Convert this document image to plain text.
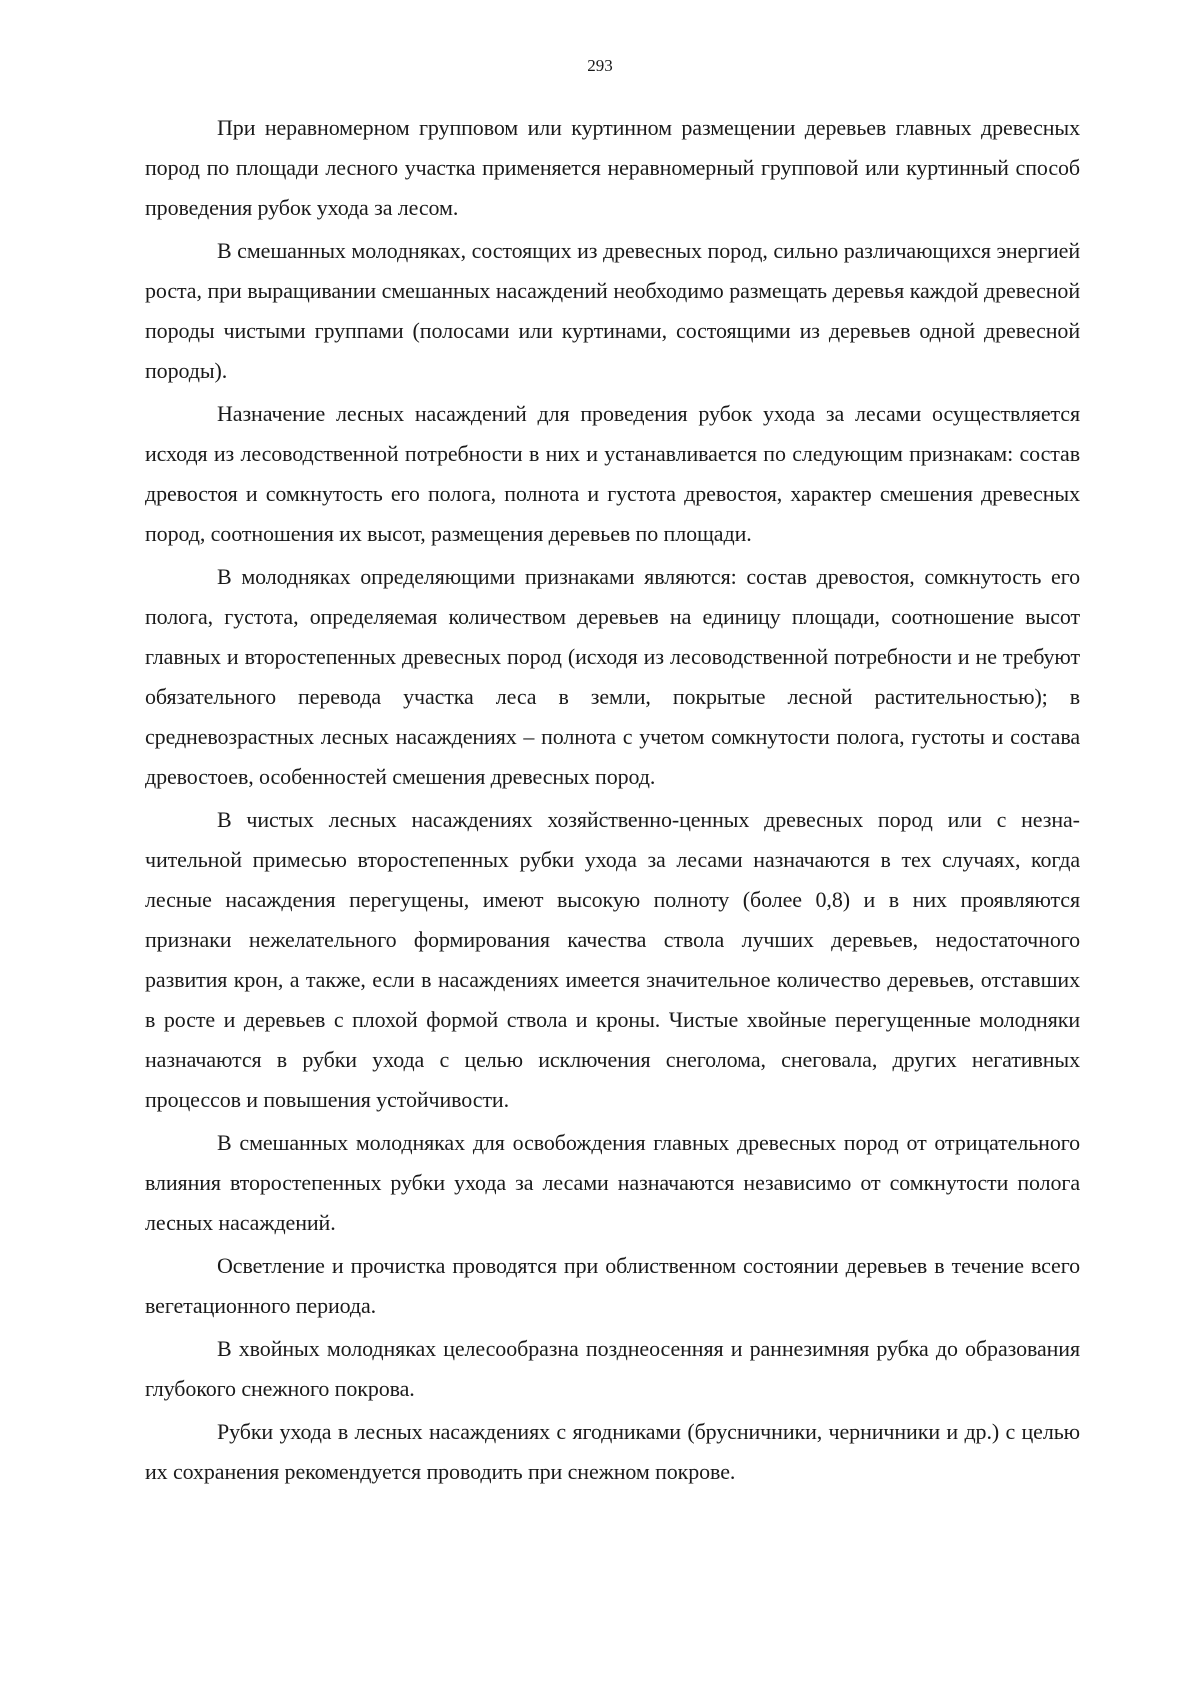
293

При неравномерном групповом или куртинном размещении деревьев главных древесных пород по площади лесного участка применяется неравномерный групповой или куртинный способ проведения рубок ухода за лесом.

В смешанных молодняках, состоящих из древесных пород, сильно различающихся энергией роста, при выращивании смешанных насаждений необходимо размещать деревья каждой древесной породы чистыми группами (полосами или куртинами, состоящими из деревьев одной древесной породы).

Назначение лесных насаждений для проведения рубок ухода за лесами осуществляется исходя из лесоводственной потребности в них и устанавливается по следующим признакам: состав древостоя и сомкнутость его полога, полнота и густота древостоя, характер смешения древесных пород, соотношения их высот, размещения деревьев по площади.

В молодняках определяющими признаками являются: состав древостоя, сомкнутость его полога, густота, определяемая количеством деревьев на единицу площади, соотношение высот главных и второстепенных древесных пород (исходя из лесоводственной потребности и не требуют обязательного перевода участка леса в земли, покрытые лесной растительностью); в средневозрастных лесных насаждениях – полнота с учетом сомкнутости полога, густоты и состава древостоев, особенностей смешения древесных пород.

В чистых лесных насаждениях хозяйственно-ценных древесных пород или с незначительной примесью второстепенных рубки ухода за лесами назначаются в тех случаях, когда лесные насаждения перегущены, имеют высокую полноту (более 0,8) и в них проявляются признаки нежелательного формирования качества ствола лучших деревьев, недостаточного развития крон, а также, если в насаждениях имеется значительное количество деревьев, отставших в росте и деревьев с плохой формой ствола и кроны. Чистые хвойные перегущенные молодняки назначаются в рубки ухода с целью исключения снеголома, снеговала, других негативных процессов и повышения устойчивости.

В смешанных молодняках для освобождения главных древесных пород от отрицательного влияния второстепенных рубки ухода за лесами назначаются независимо от сомкнутости полога лесных насаждений.

Осветление и прочистка проводятся при облиственном состоянии деревьев в течение всего вегетационного периода.

В хвойных молодняках целесообразна позднеосенняя и раннезимняя рубка до образования глубокого снежного покрова.

Рубки ухода в лесных насаждениях с ягодниками (брусничники, черничники и др.) с целью их сохранения рекомендуется проводить при снежном покрове.
